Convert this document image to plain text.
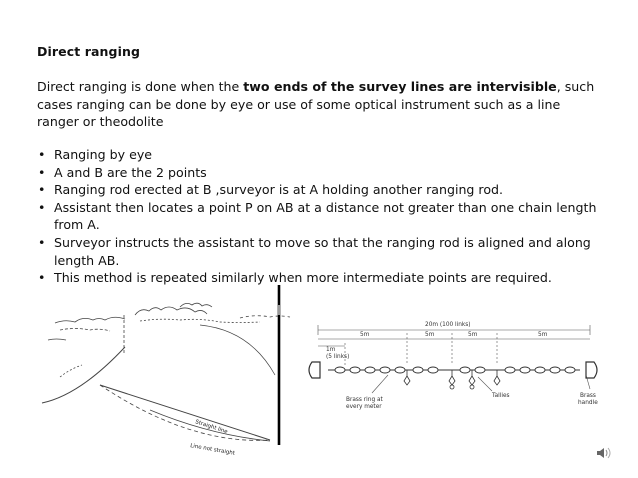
Direct ranging
Direct ranging is done when the two ends of the survey lines are intervisible, such cases ranging can be done by eye or use of some optical instrument such as a line ranger or theodolite
• Ranging by eye
• A and B are the 2 points
• Ranging rod erected at B ,surveyor is at A holding another ranging rod.
• Assistant then locates a point P on AB at a distance not greater than one chain length from A.
• Surveyor instructs the assistant to move so that the ranging rod is aligned and along length AB.
• This method is repeated similarly when more intermediate points are required.
Straight line
Line not straight
20m (100 links)
5m	5m	5m	5m
1m
(5 links)
Brass ring at
every meter
Tallies	Brass
handle
